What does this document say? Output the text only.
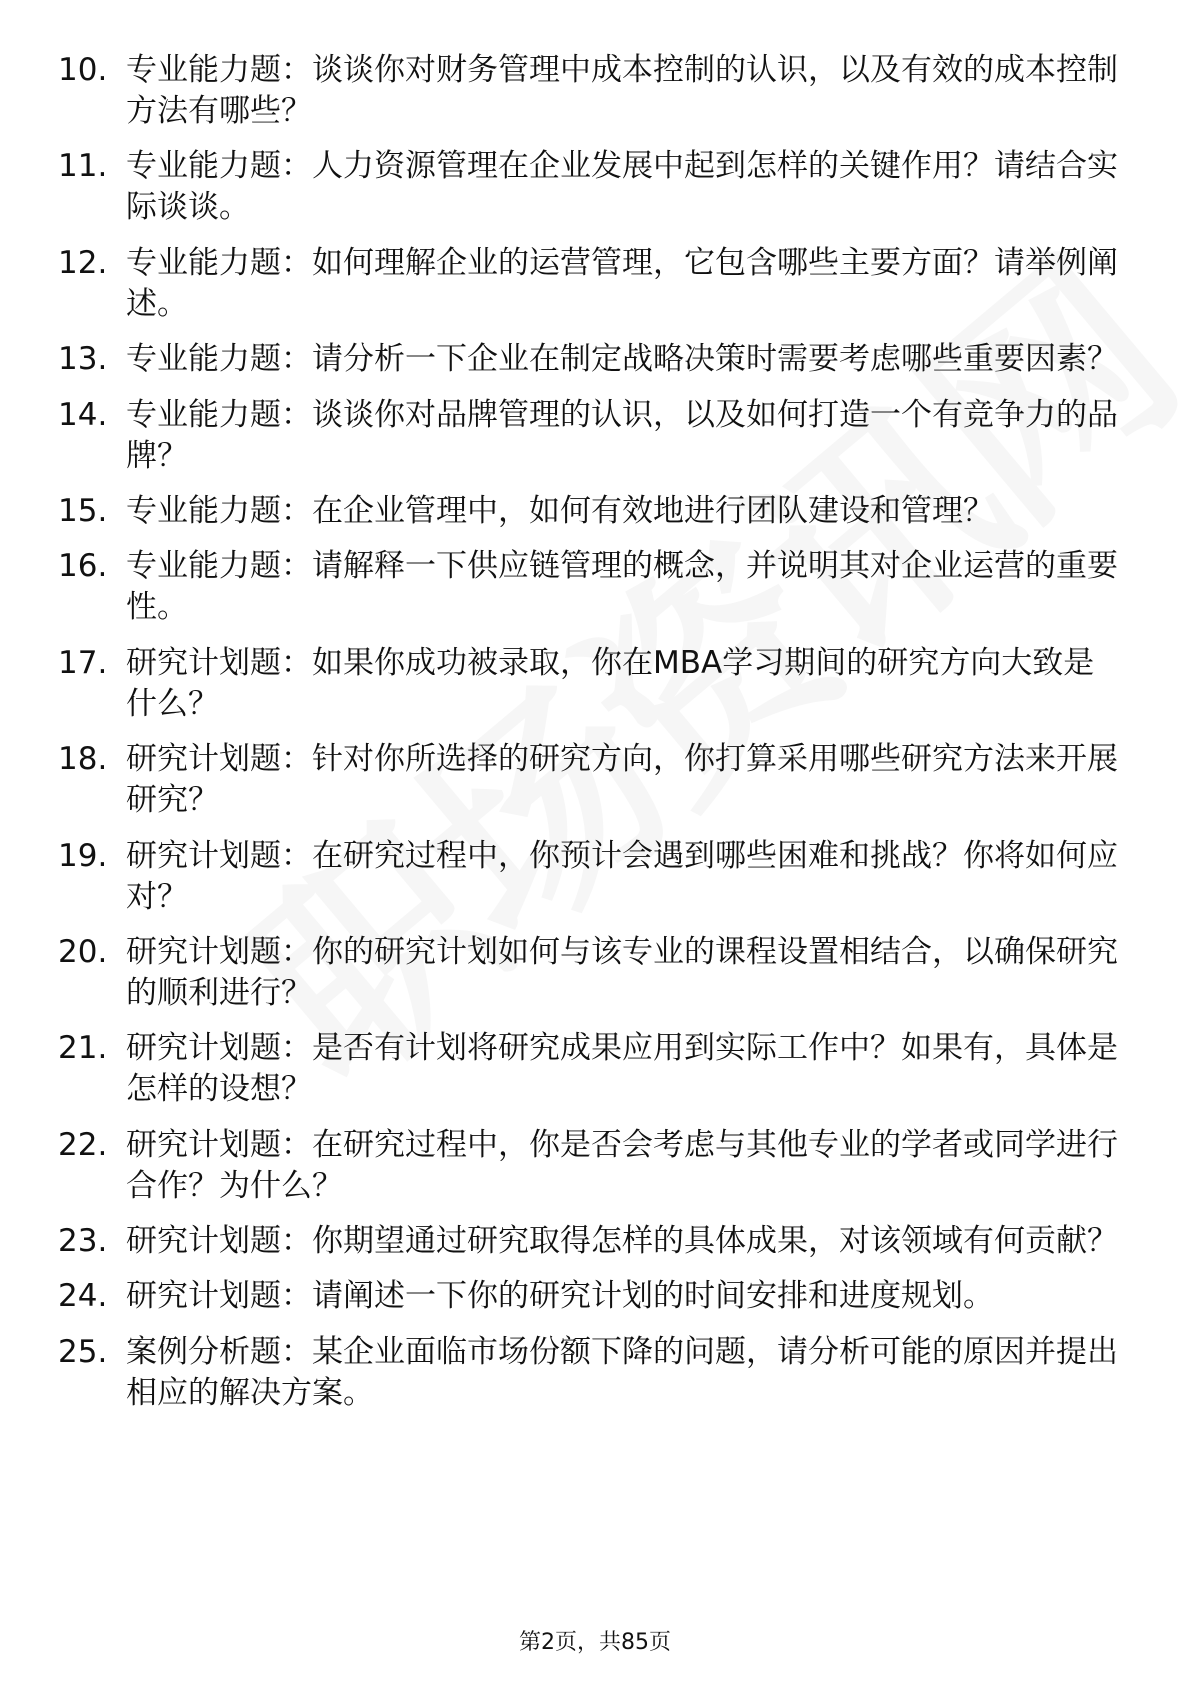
10. 专业能力题：谈谈你对财务管理中成本控制的认识，以及有效的成本控制方法有哪些？
11. 专业能力题：人力资源管理在企业发展中起到怎样的关键作用？请结合实际谈谈。
12. 专业能力题：如何理解企业的运营管理，它包含哪些主要方面？请举例阐述。
13. 专业能力题：请分析一下企业在制定战略决策时需要考虑哪些重要因素？
14. 专业能力题：谈谈你对品牌管理的认识，以及如何打造一个有竞争力的品牌？
15. 专业能力题：在企业管理中，如何有效地进行团队建设和管理？
16. 专业能力题：请解释一下供应链管理的概念，并说明其对企业运营的重要性。
17. 研究计划题：如果你成功被录取，你在MBA学习期间的研究方向大致是什么？
18. 研究计划题：针对你所选择的研究方向，你打算采用哪些研究方法来开展研究？
19. 研究计划题：在研究过程中，你预计会遇到哪些困难和挑战？你将如何应对？
20. 研究计划题：你的研究计划如何与该专业的课程设置相结合，以确保研究的顺利进行？
21. 研究计划题：是否有计划将研究成果应用到实际工作中？如果有，具体是怎样的设想？
22. 研究计划题：在研究过程中，你是否会考虑与其他专业的学者或同学进行合作？为什么？
23. 研究计划题：你期望通过研究取得怎样的具体成果，对该领域有何贡献？
24. 研究计划题：请阐述一下你的研究计划的时间安排和进度规划。
25. 案例分析题：某企业面临市场份额下降的问题，请分析可能的原因并提出相应的解决方案。
第2页，共85页
